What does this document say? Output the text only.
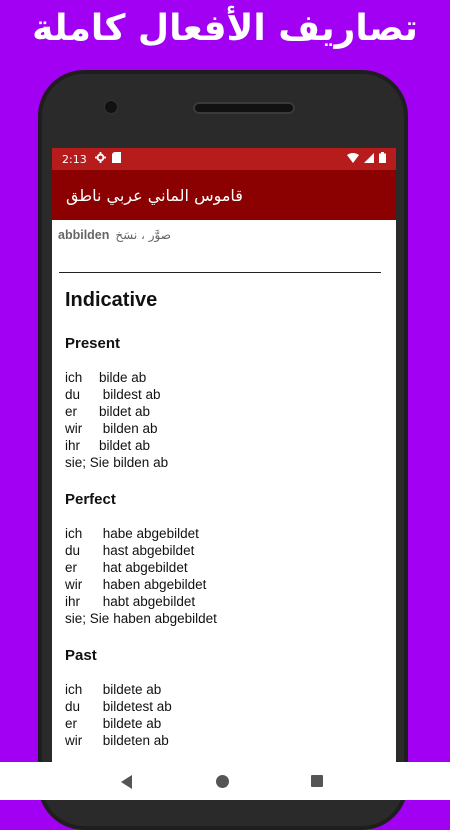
تصاريف الأفعال كاملة
2:13
قاموس الماني عربي ناطق
abbilden صوَّر ، نسَخ
Indicative
Present
ich bilde ab
du bildest ab
er bildet ab
wir bilden ab
ihr bildet ab
sie; Sie bilden ab
Perfect
ich habe abgebildet
du hast abgebildet
er hat abgebildet
wir haben abgebildet
ihr habt abgebildet
sie; Sie haben abgebildet
Past
ich bildete ab
du bildetest ab
er bildete ab
wir bildeten ab
